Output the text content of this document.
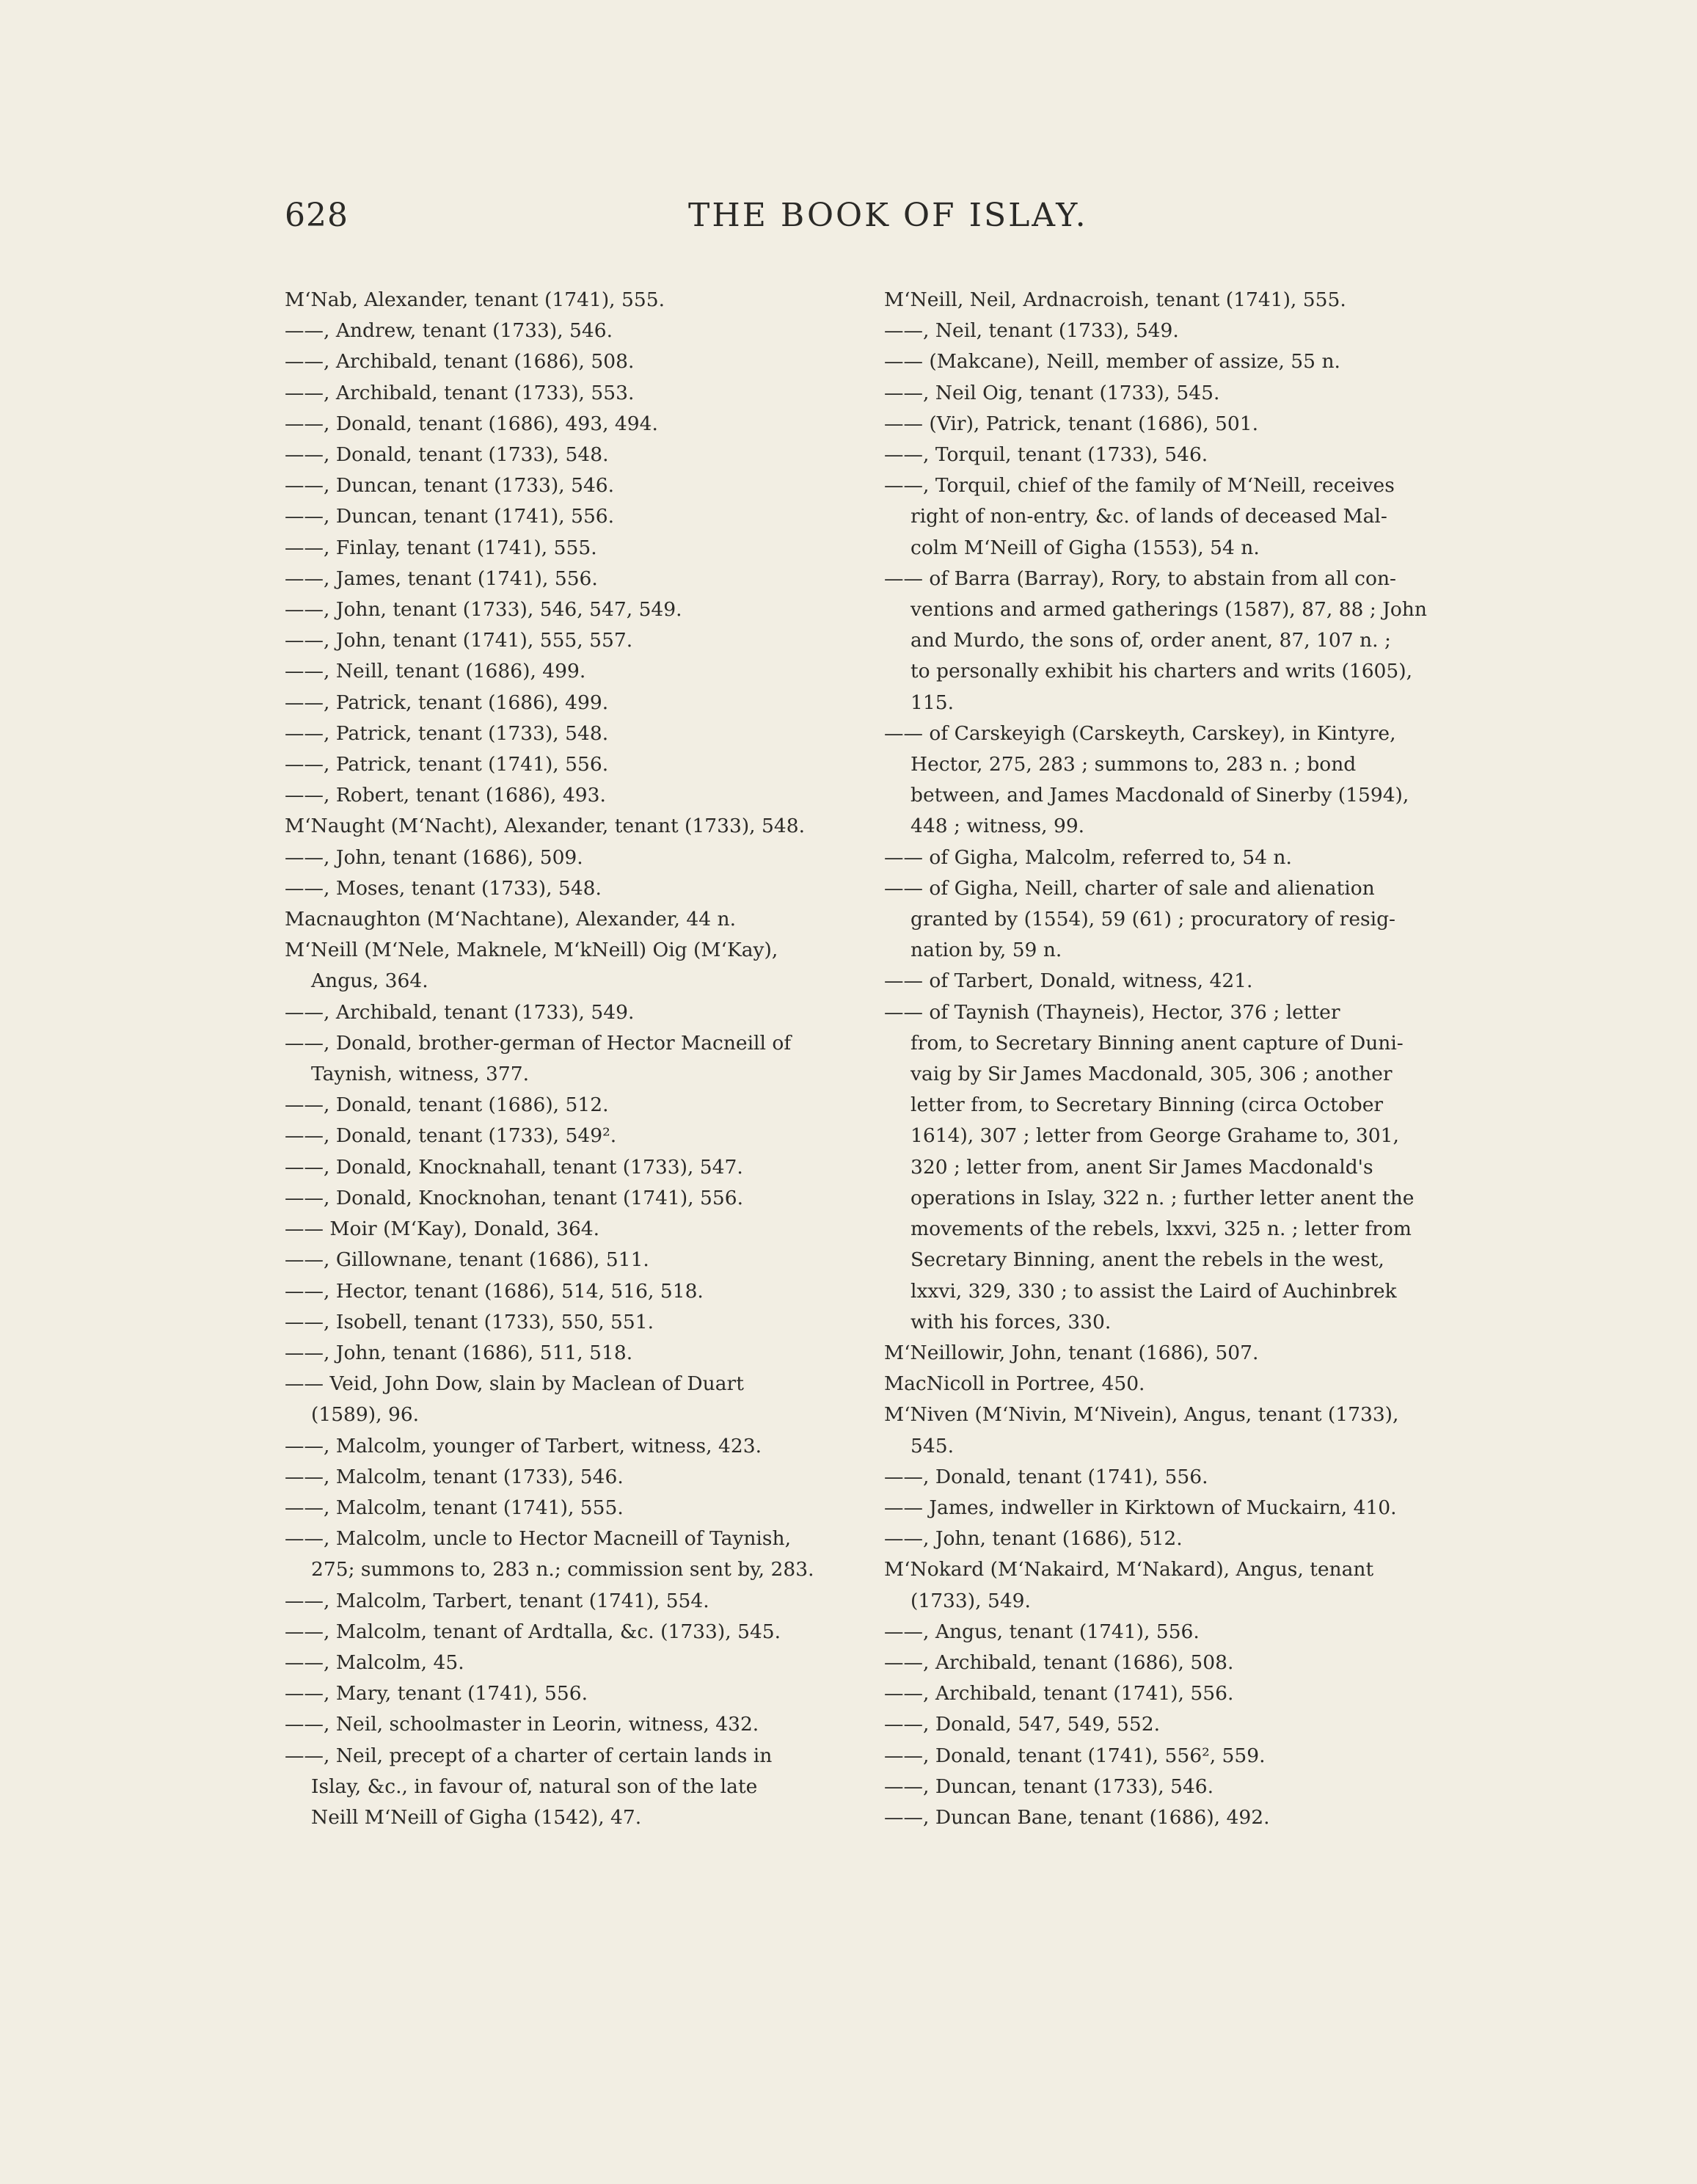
628	THE BOOK OF ISLAY.
M‘Nab, Alexander, tenant (1741), 555.
——, Andrew, tenant (1733), 546.
——, Archibald, tenant (1686), 508.
——, Archibald, tenant (1733), 553.
——, Donald, tenant (1686), 493, 494.
——, Donald, tenant (1733), 548.
——, Duncan, tenant (1733), 546.
——, Duncan, tenant (1741), 556.
——, Finlay, tenant (1741), 555.
——, James, tenant (1741), 556.
——, John, tenant (1733), 546, 547, 549.
——, John, tenant (1741), 555, 557.
——, Neill, tenant (1686), 499.
——, Patrick, tenant (1686), 499.
——, Patrick, tenant (1733), 548.
——, Patrick, tenant (1741), 556.
——, Robert, tenant (1686), 493.
M‘Naught (M‘Nacht), Alexander, tenant (1733), 548.
——, John, tenant (1686), 509.
——, Moses, tenant (1733), 548.
Macnaughton (M‘Nachtane), Alexander, 44 n.
M‘Neill (M‘Nele, Maknele, M‘kNeill) Oig (M‘Kay),
Angus, 364.
——, Archibald, tenant (1733), 549.
——, Donald, brother-german of Hector Macneill of
Taynish, witness, 377.
——, Donald, tenant (1686), 512.
——, Donald, tenant (1733), 549².
——, Donald, Knocknahall, tenant (1733), 547.
——, Donald, Knocknohan, tenant (1741), 556.
—— Moir (M‘Kay), Donald, 364.
——, Gillownane, tenant (1686), 511.
——, Hector, tenant (1686), 514, 516, 518.
——, Isobell, tenant (1733), 550, 551.
——, John, tenant (1686), 511, 518.
—— Veid, John Dow, slain by Maclean of Duart
(1589), 96.
——, Malcolm, younger of Tarbert, witness, 423.
——, Malcolm, tenant (1733), 546.
——, Malcolm, tenant (1741), 555.
——, Malcolm, uncle to Hector Macneill of Taynish,
275; summons to, 283 n.; commission sent by, 283.
——, Malcolm, Tarbert, tenant (1741), 554.
——, Malcolm, tenant of Ardtalla, &c. (1733), 545.
——, Malcolm, 45.
——, Mary, tenant (1741), 556.
——, Neil, schoolmaster in Leorin, witness, 432.
——, Neil, precept of a charter of certain lands in
Islay, &c., in favour of, natural son of the late
Neill M‘Neill of Gigha (1542), 47.
M‘Neill, Neil, Ardnacroish, tenant (1741), 555.
——, Neil, tenant (1733), 549.
—— (Makcane), Neill, member of assize, 55 n.
——, Neil Oig, tenant (1733), 545.
—— (Vir), Patrick, tenant (1686), 501.
——, Torquil, tenant (1733), 546.
——, Torquil, chief of the family of M‘Neill, receives
right of non-entry, &c. of lands of deceased Mal-
colm M‘Neill of Gigha (1553), 54 n.
—— of Barra (Barray), Rory, to abstain from all con-
ventions and armed gatherings (1587), 87, 88 ; John
and Murdo, the sons of, order anent, 87, 107 n. ;
to personally exhibit his charters and writs (1605),
115.
—— of Carskeyigh (Carskeyth, Carskey), in Kintyre,
Hector, 275, 283 ; summons to, 283 n. ; bond
between, and James Macdonald of Sinerby (1594),
448 ; witness, 99.
—— of Gigha, Malcolm, referred to, 54 n.
—— of Gigha, Neill, charter of sale and alienation
granted by (1554), 59 (61) ; procuratory of resig-
nation by, 59 n.
—— of Tarbert, Donald, witness, 421.
—— of Taynish (Thayneis), Hector, 376 ; letter
from, to Secretary Binning anent capture of Duni-
vaig by Sir James Macdonald, 305, 306 ; another
letter from, to Secretary Binning (circa October
1614), 307 ; letter from George Grahame to, 301,
320 ; letter from, anent Sir James Macdonald's
operations in Islay, 322 n. ; further letter anent the
movements of the rebels, lxxvi, 325 n. ; letter from
Secretary Binning, anent the rebels in the west,
lxxvi, 329, 330 ; to assist the Laird of Auchinbrek
with his forces, 330.
M‘Neillowir, John, tenant (1686), 507.
MacNicoll in Portree, 450.
M‘Niven (M‘Nivin, M‘Nivein), Angus, tenant (1733),
545.
——, Donald, tenant (1741), 556.
—— James, indweller in Kirktown of Muckairn, 410.
——, John, tenant (1686), 512.
M‘Nokard (M‘Nakaird, M‘Nakard), Angus, tenant
(1733), 549.
——, Angus, tenant (1741), 556.
——, Archibald, tenant (1686), 508.
——, Archibald, tenant (1741), 556.
——, Donald, 547, 549, 552.
——, Donald, tenant (1741), 556², 559.
——, Duncan, tenant (1733), 546.
——, Duncan Bane, tenant (1686), 492.
